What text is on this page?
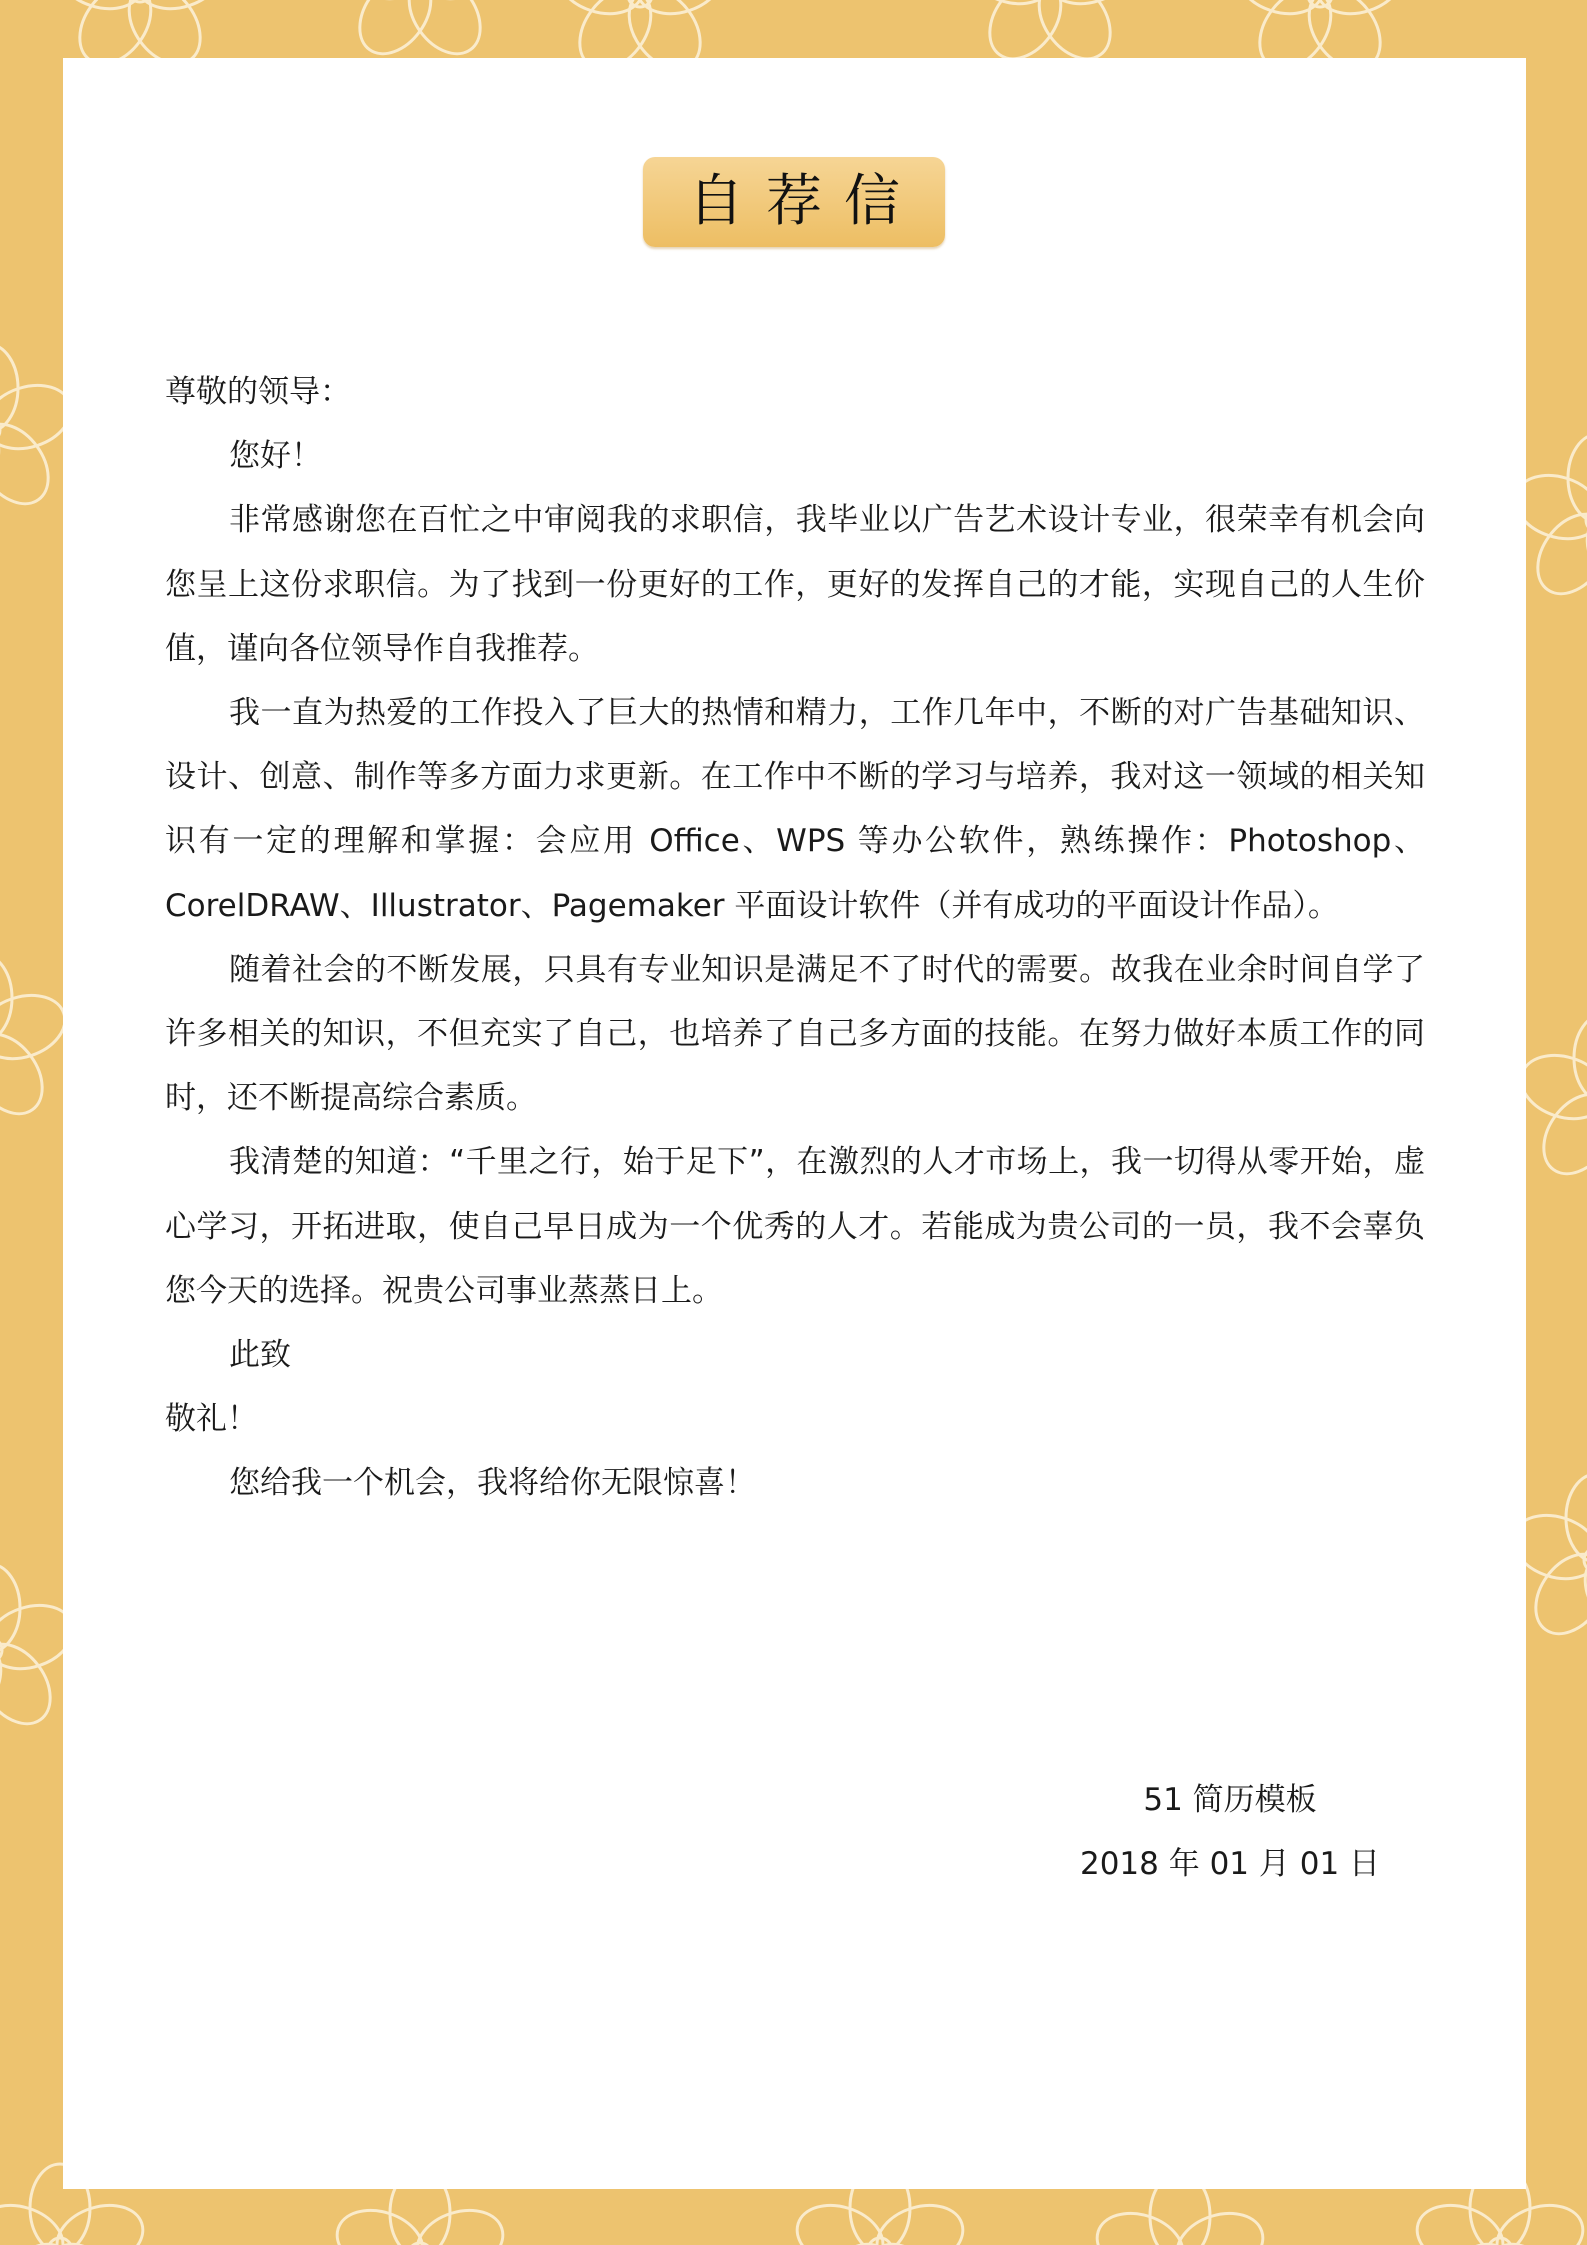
自荐信

尊敬的领导：

您好！

非常感谢您在百忙之中审阅我的求职信，我毕业以广告艺术设计专业，很荣幸有机会向您呈上这份求职信。为了找到一份更好的工作，更好的发挥自己的才能，实现自己的人生价值，谨向各位领导作自我推荐。

我一直为热爱的工作投入了巨大的热情和精力，工作几年中，不断的对广告基础知识、设计、创意、制作等多方面力求更新。在工作中不断的学习与培养，我对这一领域的相关知识有一定的理解和掌握：会应用 Office、WPS 等办公软件，熟练操作：Photoshop、CorelDRAW、Illustrator、Pagemaker 平面设计软件（并有成功的平面设计作品）。

随着社会的不断发展，只具有专业知识是满足不了时代的需要。故我在业余时间自学了许多相关的知识，不但充实了自己，也培养了自己多方面的技能。在努力做好本质工作的同时，还不断提高综合素质。

我清楚的知道：“千里之行，始于足下”，在激烈的人才市场上，我一切得从零开始，虚心学习，开拓进取，使自己早日成为一个优秀的人才。若能成为贵公司的一员，我不会辜负您今天的选择。祝贵公司事业蒸蒸日上。

此致

敬礼！

您给我一个机会，我将给你无限惊喜！

51 简历模板

2018 年 01 月 01 日
